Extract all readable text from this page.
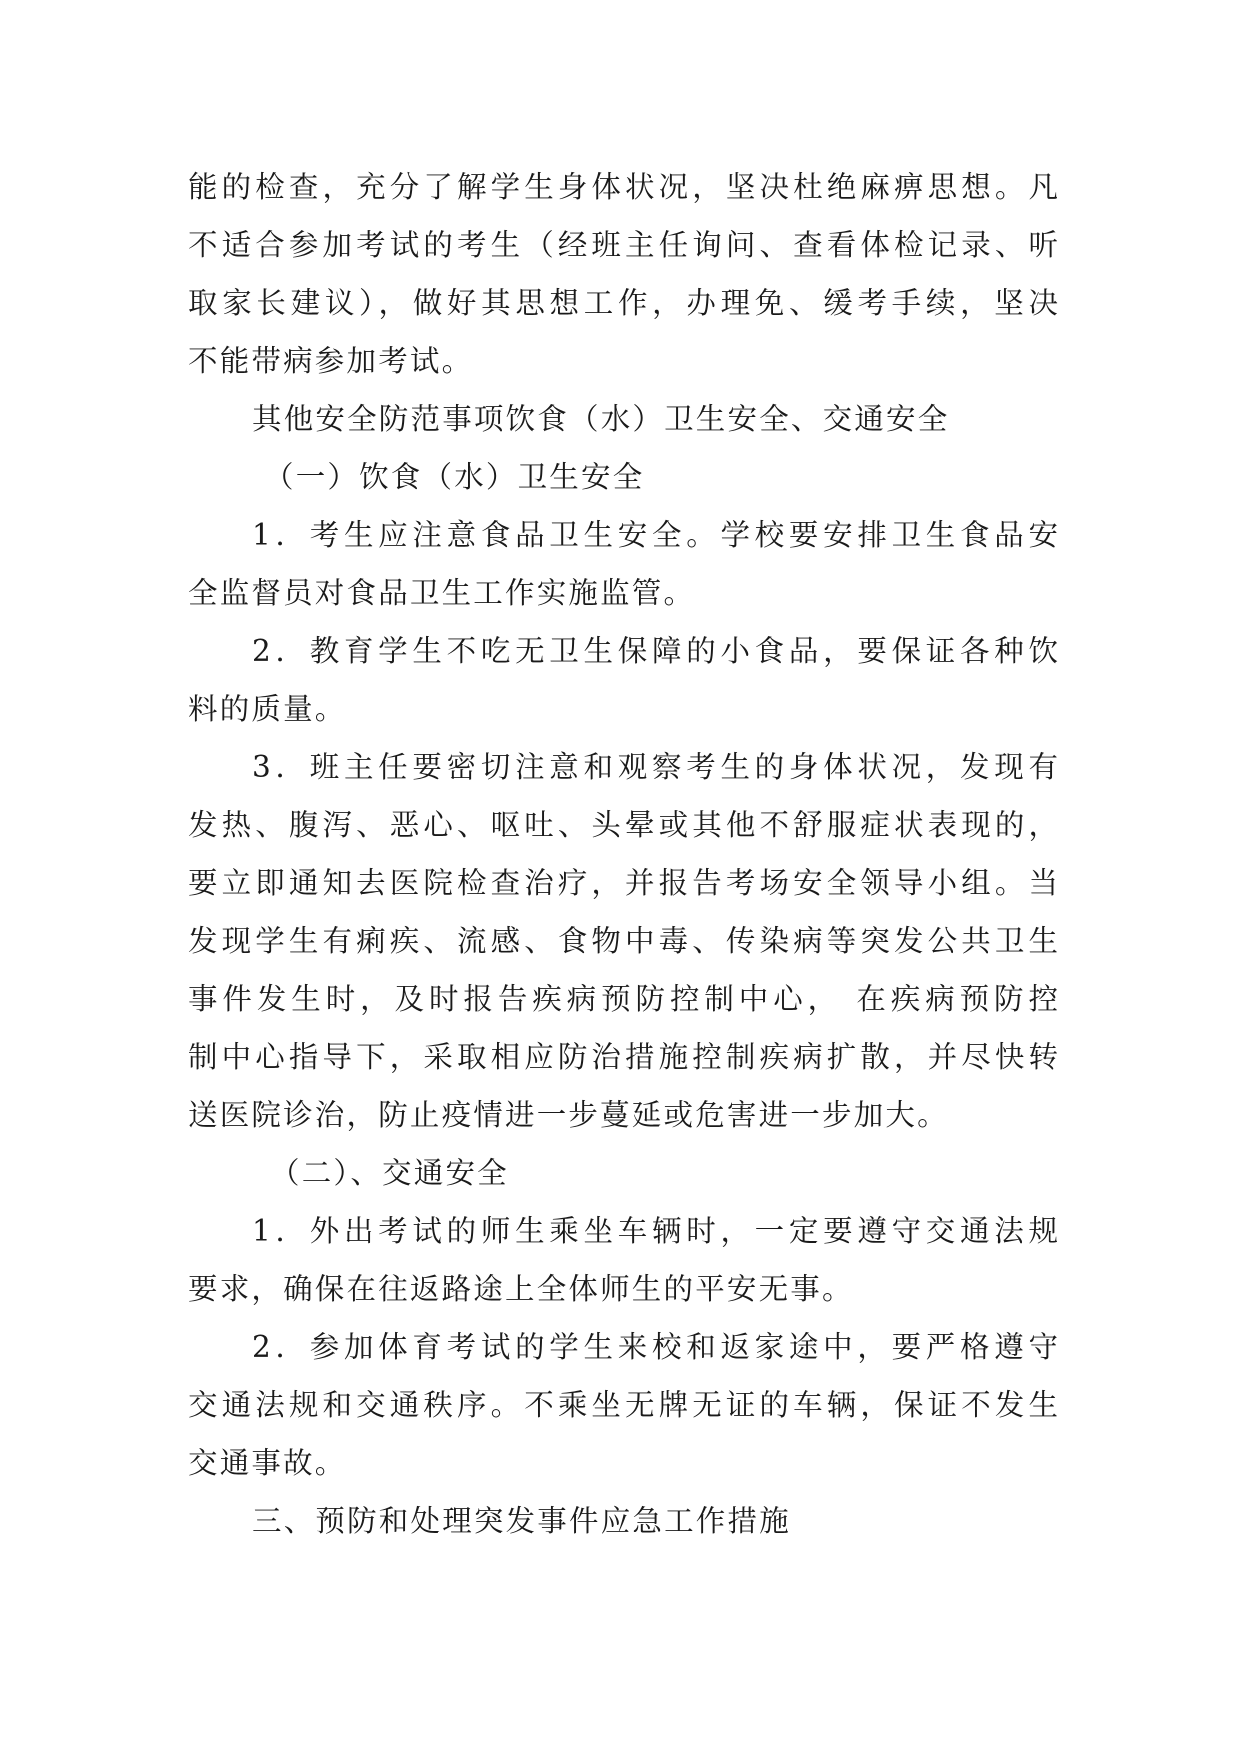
能的检查，充分了解学生身体状况，坚决杜绝麻痹思想。凡
不适合参加考试的考生（经班主任询问、查看体检记录、听
取家长建议），做好其思想工作，办理免、缓考手续，坚决
不能带病参加考试。
其他安全防范事项饮食（水）卫生安全、交通安全
（一）饮食（水）卫生安全
1．考生应注意食品卫生安全。学校要安排卫生食品安
全监督员对食品卫生工作实施监管。
2．教育学生不吃无卫生保障的小食品，要保证各种饮
料的质量。
3．班主任要密切注意和观察考生的身体状况，发现有
发热、腹泻、恶心、呕吐、头晕或其他不舒服症状表现的，
要立即通知去医院检查治疗，并报告考场安全领导小组。当
发现学生有痢疾、流感、食物中毒、传染病等突发公共卫生
事件发生时，及时报告疾病预防控制中心， 在疾病预防控
制中心指导下，采取相应防治措施控制疾病扩散，并尽快转
送医院诊治，防止疫情进一步蔓延或危害进一步加大。
（二）、交通安全
1．外出考试的师生乘坐车辆时，一定要遵守交通法规
要求，确保在往返路途上全体师生的平安无事。
2．参加体育考试的学生来校和返家途中，要严格遵守
交通法规和交通秩序。不乘坐无牌无证的车辆，保证不发生
交通事故。
三、预防和处理突发事件应急工作措施
